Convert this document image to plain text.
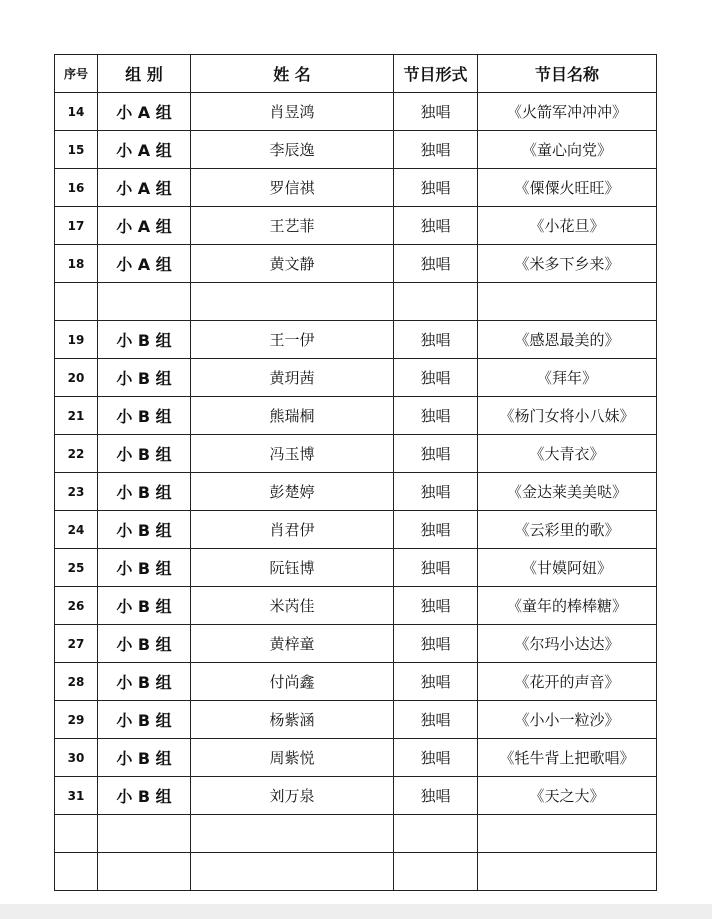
序号	组 别	姓 名	节目形式	节目名称
14	小 A 组	肖昱鸿	独唱	《火箭军冲冲冲》
15	小 A 组	李辰逸	独唱	《童心向党》
16	小 A 组	罗信祺	独唱	《傈僳火旺旺》
17	小 A 组	王艺菲	独唱	《小花旦》
18	小 A 组	黄文静	独唱	《米多下乡来》

19	小 B 组	王一伊	独唱	《感恩最美的》
20	小 B 组	黄玥茜	独唱	《拜年》
21	小 B 组	熊瑞桐	独唱	《杨门女将小八妹》
22	小 B 组	冯玉博	独唱	《大青衣》
23	小 B 组	彭楚婷	独唱	《金达莱美美哒》
24	小 B 组	肖君伊	独唱	《云彩里的歌》
25	小 B 组	阮钰博	独唱	《甘嫫阿妞》
26	小 B 组	米芮佳	独唱	《童年的棒棒糖》
27	小 B 组	黄梓童	独唱	《尔玛小达达》
28	小 B 组	付尚鑫	独唱	《花开的声音》
29	小 B 组	杨紫涵	独唱	《小小一粒沙》
30	小 B 组	周紫悦	独唱	《牦牛背上把歌唱》
31	小 B 组	刘万泉	独唱	《天之大》
